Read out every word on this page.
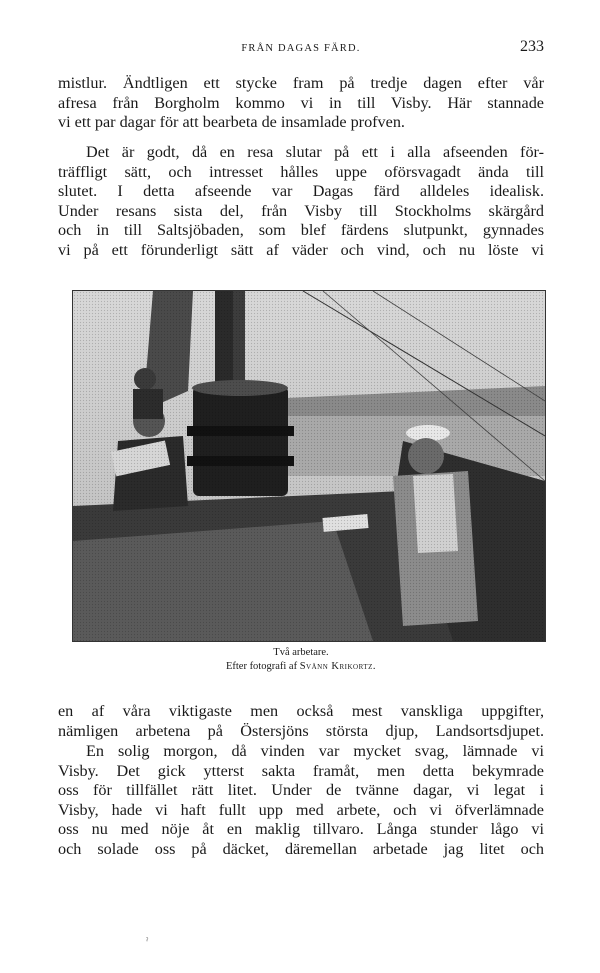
FRÅN DAGAS FÄRD.	233
mistlur. Ändtligen ett stycke fram på tredje dagen efter vår
afresa från Borgholm kommo vi in till Visby. Här stannade
vi ett par dagar för att bearbeta de insamlade profven.
Det är godt, då en resa slutar på ett i alla afseenden för-
träffligt sätt, och intresset hålles uppe oförsvagadt ända till
slutet. I detta afseende var Dagas färd alldeles idealisk.
Under resans sista del, från Visby till Stockholms skärgård
och in till Saltsjöbaden, som blef färdens slutpunkt, gynnades
vi på ett förunderligt sätt af väder och vind, och nu löste vi
Två arbetare.
Efter fotografi af Svänn Krikortz.
en af våra viktigaste men också mest vanskliga uppgifter,
nämligen arbetena på Östersjöns största djup, Landsortsdjupet.
En solig morgon, då vinden var mycket svag, lämnade vi
Visby. Det gick ytterst sakta framåt, men detta bekymrade
oss för tillfället rätt litet. Under de tvänne dagar, vi legat i
Visby, hade vi haft fullt upp med arbete, och vi öfverlämnade
oss nu med nöje åt en maklig tillvaro. Långa stunder lågo vi
och solade oss på däcket, däremellan arbetade jag litet och
ˀ
